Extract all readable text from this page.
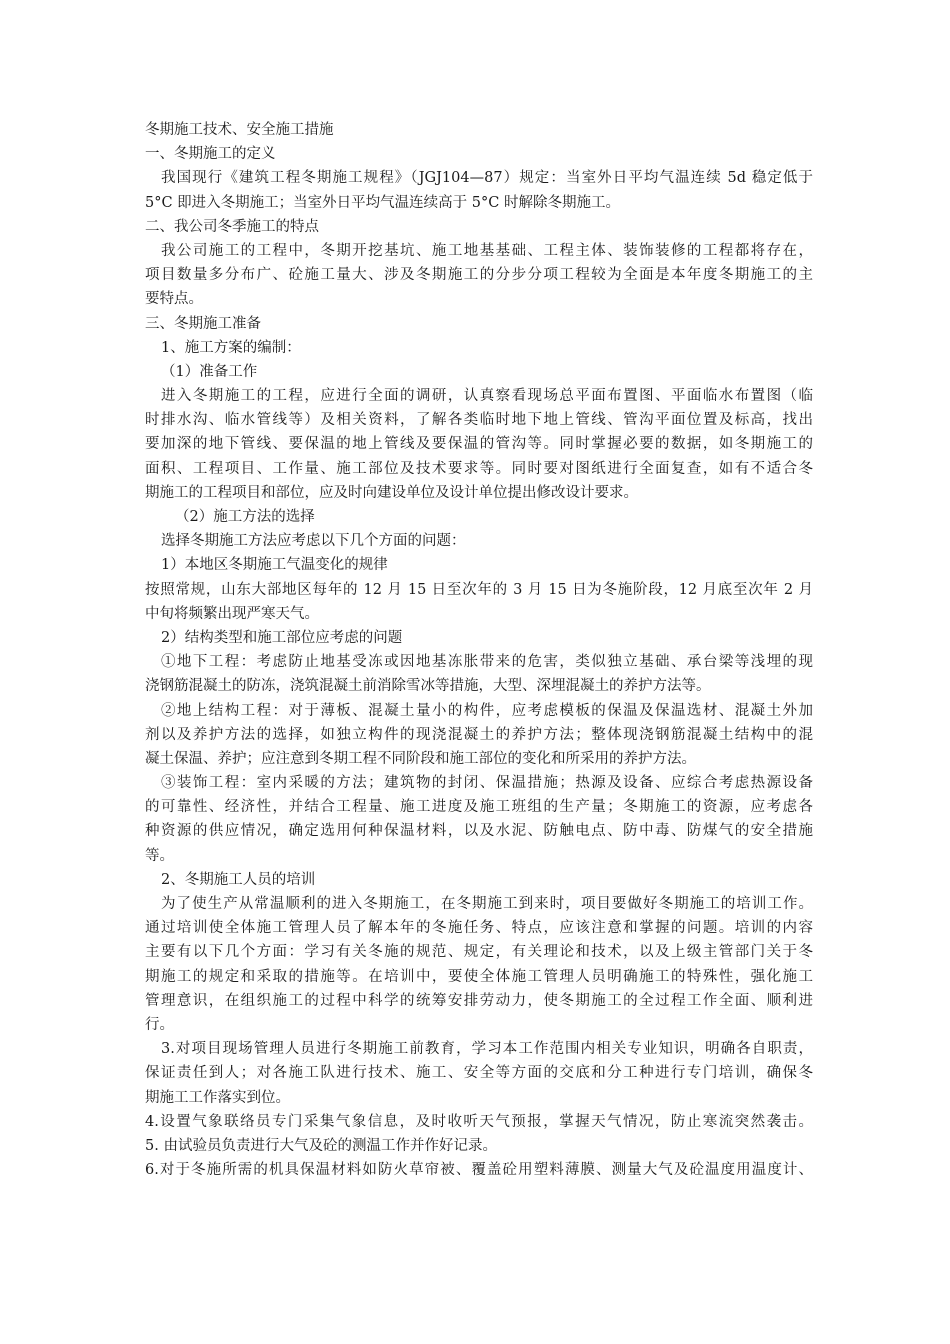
冬期施工技术、安全施工措施
一、冬期施工的定义
我国现行《建筑工程冬期施工规程》（JGJ104—87）规定：当室外日平均气温连续 5d 稳定低于
5°C 即进入冬期施工；当室外日平均气温连续高于 5°C 时解除冬期施工。
二、我公司冬季施工的特点
我公司施工的工程中，冬期开挖基坑、施工地基基础、工程主体、装饰装修的工程都将存在，
项目数量多分布广、砼施工量大、涉及冬期施工的分步分项工程较为全面是本年度冬期施工的主
要特点。
三、冬期施工准备
1、施工方案的编制：
（1）准备工作
进入冬期施工的工程，应进行全面的调研，认真察看现场总平面布置图、平面临水布置图（临
时排水沟、临水管线等）及相关资料，了解各类临时地下地上管线、管沟平面位置及标高，找出
要加深的地下管线、要保温的地上管线及要保温的管沟等。同时掌握必要的数据，如冬期施工的
面积、工程项目、工作量、施工部位及技术要求等。同时要对图纸进行全面复查，如有不适合冬
期施工的工程项目和部位，应及时向建设单位及设计单位提出修改设计要求。
（2）施工方法的选择
选择冬期施工方法应考虑以下几个方面的问题：
1）本地区冬期施工气温变化的规律
按照常规，山东大部地区每年的 12 月 15 日至次年的 3 月 15 日为冬施阶段，12 月底至次年 2 月
中旬将频繁出现严寒天气。
2）结构类型和施工部位应考虑的问题
①地下工程：考虑防止地基受冻或因地基冻胀带来的危害，类似独立基础、承台梁等浅埋的现
浇钢筋混凝土的防冻，浇筑混凝土前消除雪冰等措施，大型、深埋混凝土的养护方法等。
②地上结构工程：对于薄板、混凝土量小的构件，应考虑模板的保温及保温选材、混凝土外加
剂以及养护方法的选择，如独立构件的现浇混凝土的养护方法；整体现浇钢筋混凝土结构中的混
凝土保温、养护；应注意到冬期工程不同阶段和施工部位的变化和所采用的养护方法。
③装饰工程：室内采暖的方法；建筑物的封闭、保温措施；热源及设备、应综合考虑热源设备
的可靠性、经济性，并结合工程量、施工进度及施工班组的生产量；冬期施工的资源，应考虑各
种资源的供应情况，确定选用何种保温材料，以及水泥、防触电点、防中毒、防煤气的安全措施
等。
2、冬期施工人员的培训
为了使生产从常温顺利的进入冬期施工，在冬期施工到来时，项目要做好冬期施工的培训工作。
通过培训使全体施工管理人员了解本年的冬施任务、特点，应该注意和掌握的问题。培训的内容
主要有以下几个方面：学习有关冬施的规范、规定，有关理论和技术，以及上级主管部门关于冬
期施工的规定和采取的措施等。在培训中，要使全体施工管理人员明确施工的特殊性，强化施工
管理意识，在组织施工的过程中科学的统筹安排劳动力，使冬期施工的全过程工作全面、顺利进
行。
3.对项目现场管理人员进行冬期施工前教育，学习本工作范围内相关专业知识，明确各自职责，
保证责任到人；对各施工队进行技术、施工、安全等方面的交底和分工种进行专门培训，确保冬
期施工工作落实到位。
4.设置气象联络员专门采集气象信息，及时收听天气预报，掌握天气情况，防止寒流突然袭击。
5. 由试验员负责进行大气及砼的测温工作并作好记录。
6.对于冬施所需的机具保温材料如防火草帘被、覆盖砼用塑料薄膜、测量大气及砼温度用温度计、
